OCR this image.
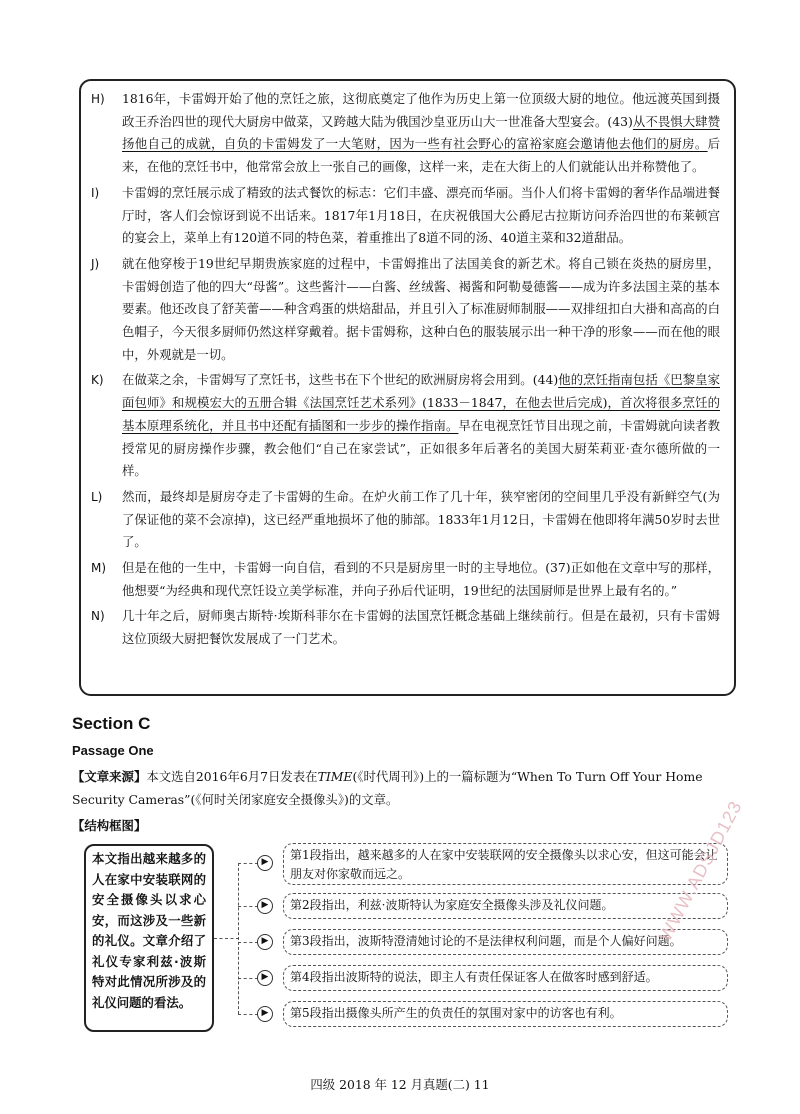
H)	1816年，卡雷姆开始了他的烹饪之旅，这彻底奠定了他作为历史上第一位顶级大厨的地位。他远渡英国到摄政王乔治四世的现代大厨房中做菜，又跨越大陆为俄国沙皇亚历山大一世准备大型宴会。(43)从不畏惧大肆赞扬他自己的成就，自负的卡雷姆发了一大笔财，因为一些有社会野心的富裕家庭会邀请他去他们的厨房。后来，在他的烹饪书中，他常常会放上一张自己的画像，这样一来，走在大街上的人们就能认出并称赞他了。
I)	卡雷姆的烹饪展示成了精致的法式餐饮的标志：它们丰盛、漂亮而华丽。当仆人们将卡雷姆的奢华作品端进餐厅时，客人们会惊讶到说不出话来。1817年1月18日，在庆祝俄国大公爵尼古拉斯访问乔治四世的布莱顿宫的宴会上，菜单上有120道不同的特色菜，着重推出了8道不同的汤、40道主菜和32道甜品。
J)	就在他穿梭于19世纪早期贵族家庭的过程中，卡雷姆推出了法国美食的新艺术。将自己锁在炎热的厨房里，卡雷姆创造了他的四大“母酱”。这些酱汁——白酱、丝绒酱、褐酱和阿勒曼德酱——成为许多法国主菜的基本要素。他还改良了舒芙蕾——种含鸡蛋的烘焙甜品，并且引入了标准厨师制服——双排纽扣白大褂和高高的白色帽子，今天很多厨师仍然这样穿戴着。据卡雷姆称，这种白色的服装展示出一种干净的形象——而在他的眼中，外观就是一切。
K)	在做菜之余，卡雷姆写了烹饪书，这些书在下个世纪的欧洲厨房将会用到。(44)他的烹饪指南包括《巴黎皇家面包师》和规模宏大的五册合辑《法国烹饪艺术系列》(1833－1847，在他去世后完成)，首次将很多烹饪的基本原理系统化，并且书中还配有插图和一步步的操作指南。早在电视烹饪节目出现之前，卡雷姆就向读者教授常见的厨房操作步骤，教会他们“自己在家尝试”，正如很多年后著名的美国大厨茱莉亚·查尔德所做的一样。
L)	然而，最终却是厨房夺走了卡雷姆的生命。在炉火前工作了几十年，狭窄密闭的空间里几乎没有新鲜空气(为了保证他的菜不会凉掉)，这已经严重地损坏了他的肺部。1833年1月12日，卡雷姆在他即将年满50岁时去世了。
M)	但是在他的一生中，卡雷姆一向自信，看到的不只是厨房里一时的主导地位。(37)正如他在文章中写的那样，他想要“为经典和现代烹饪设立美学标准，并向子孙后代证明，19世纪的法国厨师是世界上最有名的。”
N)	几十年之后，厨师奥古斯特·埃斯科菲尔在卡雷姆的法国烹饪概念基础上继续前行。但是在最初，只有卡雷姆这位顶级大厨把餐饮发展成了一门艺术。
Section C
Passage One
【文章来源】本文选自2016年6月7日发表在TIME(《时代周刊》)上的一篇标题为“When To Turn Off Your Home Security Cameras”(《何时关闭家庭安全摄像头》)的文章。
【结构框图】
本文指出越来越多的人在家中安装联网的安全摄像头以求心安，而这涉及一些新的礼仪。文章介绍了礼仪专家利兹·波斯特对此情况所涉及的礼仪问题的看法。
▶	第1段指出，越来越多的人在家中安装联网的安全摄像头以求心安，但这可能会让朋友对你家敬而远之。
▶	第2段指出，利兹·波斯特认为家庭安全摄像头涉及礼仪问题。
▶	第3段指出，波斯特澄清她讨论的不是法律权利问题，而是个人偏好问题。
▶	第4段指出波斯特的说法，即主人有责任保证客人在做客时感到舒适。
▶	第5段指出摄像头所产生的负责任的氛围对家中的访客也有利。
WWW.ADSJD123
四级 2018 年 12 月真题(二) 11
